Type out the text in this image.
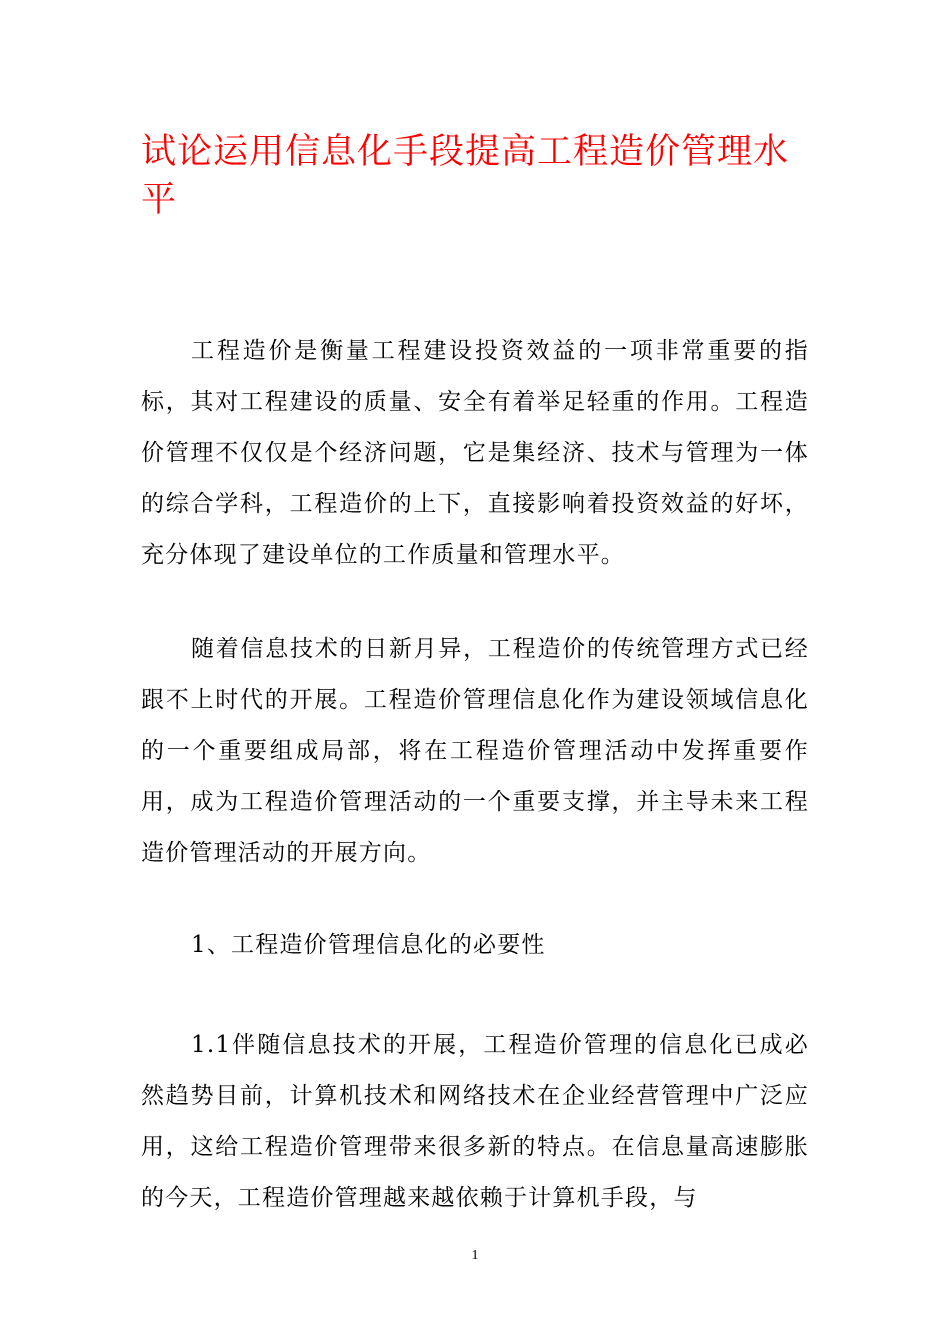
试论运用信息化手段提高工程造价管理水平

工程造价是衡量工程建设投资效益的一项非常重要的指标，其对工程建设的质量、安全有着举足轻重的作用。工程造价管理不仅仅是个经济问题，它是集经济、技术与管理为一体的综合学科，工程造价的上下，直接影响着投资效益的好坏，充分体现了建设单位的工作质量和管理水平。

随着信息技术的日新月异，工程造价的传统管理方式已经跟不上时代的开展。工程造价管理信息化作为建设领域信息化的一个重要组成局部，将在工程造价管理活动中发挥重要作用，成为工程造价管理活动的一个重要支撑，并主导未来工程造价管理活动的开展方向。

1、工程造价管理信息化的必要性

1.1伴随信息技术的开展，工程造价管理的信息化已成必然趋势目前，计算机技术和网络技术在企业经营管理中广泛应用，这给工程造价管理带来很多新的特点。在信息量高速膨胀的今天，工程造价管理越来越依赖于计算机手段，与

1
